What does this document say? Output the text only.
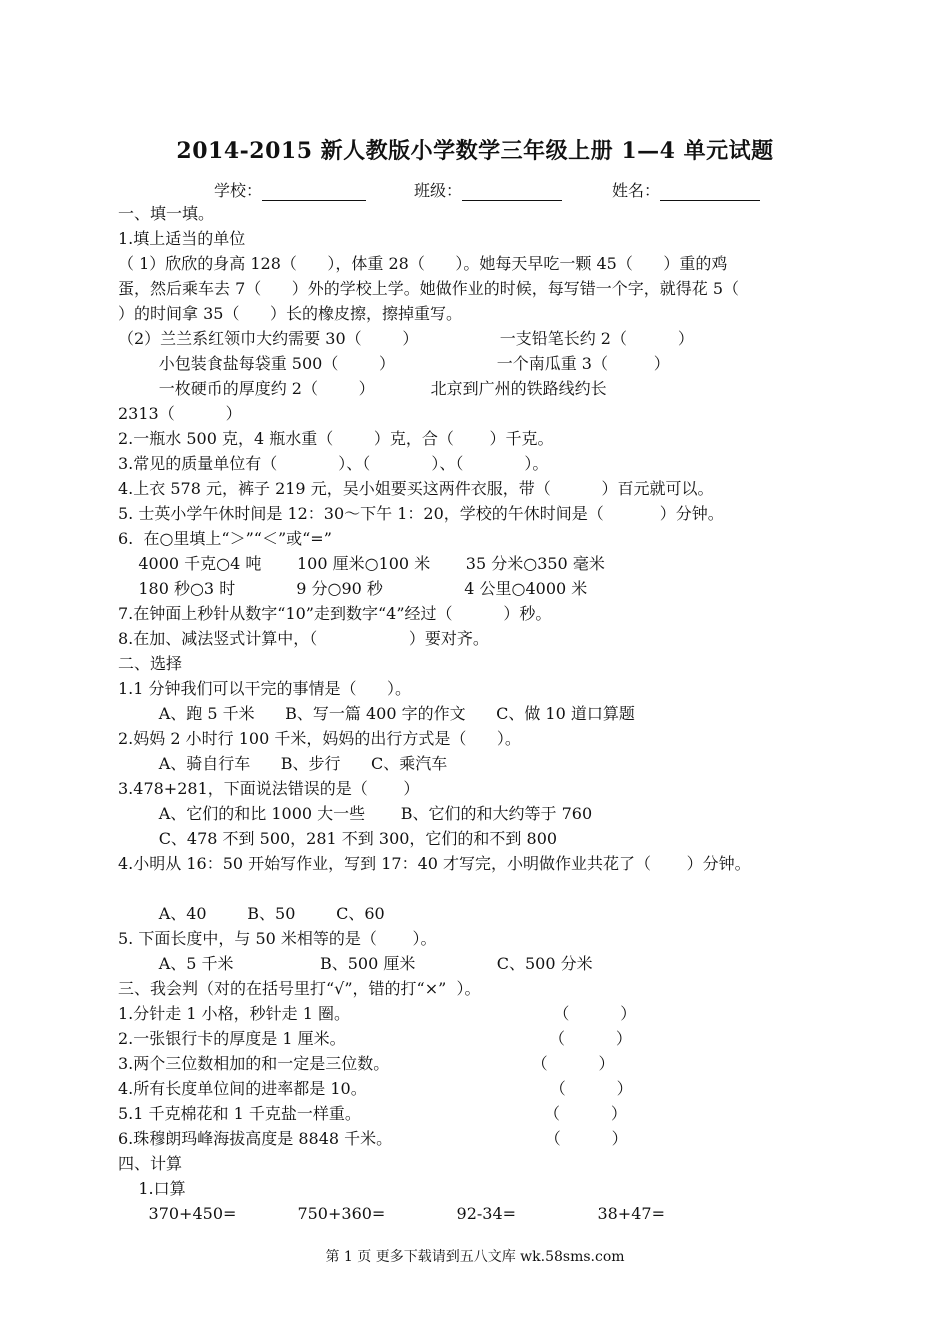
2014-2015 新人教版小学数学三年级上册 1—4 单元试题
学校：	班级：	姓名：
一、填一填。
1.填上适当的单位
（ 1）欣欣的身高 128（      ），体重 28（      ）。她每天早吃一颗 45（      ）重的鸡
蛋，然后乘车去 7（      ）外的学校上学。她做作业的时候，每写错一个字，就得花 5（
）的时间拿 35（      ）长的橡皮擦，擦掉重写。
（2）兰兰系红领巾大约需要 30（        ）                一支铅笔长约 2（          ）
小包装食盐每袋重 500（        ）                    一个南瓜重 3（         ）
一枚硬币的厚度约 2（        ）           北京到广州的铁路线约长
2313（          ）
2.一瓶水 500 克，4 瓶水重（        ）克，合（       ）千克。
3.常见的质量单位有（            ）、（            ）、（            ）。
4.上衣 578 元，裤子 219 元，吴小姐要买这两件衣服，带（          ）百元就可以。
5. 士英小学午休时间是 12：30～下午 1：20，学校的午休时间是（           ）分钟。
6.  在○里填上“＞”“＜”或“=”
4000 千克○4 吨       100 厘米○100 米       35 分米○350 毫米
180 秒○3 时            9 分○90 秒                4 公里○4000 米
7.在钟面上秒针从数字“10”走到数字“4”经过（          ）秒。
8.在加、减法竖式计算中，（                  ）要对齐。
二、选择
1.1 分钟我们可以干完的事情是（      ）。
A、跑 5 千米      B、写一篇 400 字的作文      C、做 10 道口算题
2.妈妈 2 小时行 100 千米，妈妈的出行方式是（      ）。
A、骑自行车      B、步行      C、乘汽车
3.478+281，下面说法错误的是（       ）
A、它们的和比 1000 大一些       B、它们的和大约等于 760
C、478 不到 500，281 不到 300，它们的和不到 800
4.小明从 16：50 开始写作业，写到 17：40 才写完，小明做作业共花了（       ）分钟。
A、40        B、50        C、60
5. 下面长度中，与 50 米相等的是（       ）。
A、5 千米                 B、500 厘米                C、500 分米
三、我会判（对的在括号里打“√”，错的打“×”  ）。
1.分针走 1 小格，秒针走 1 圈。                                        （          ）
2.一张银行卡的厚度是 1 厘米。                                        （          ）
3.两个三位数相加的和一定是三位数。                            （          ）
4.所有长度单位间的进率都是 10。                                    （          ）
5.1 千克棉花和 1 千克盐一样重。                                    （          ）
6.珠穆朗玛峰海拔高度是 8848 千米。                              （          ）
四、计算
1.口算
370+450=            750+360=              92-34=                38+47=
第 1 页 更多下载请到五八文库 wk.58sms.com
